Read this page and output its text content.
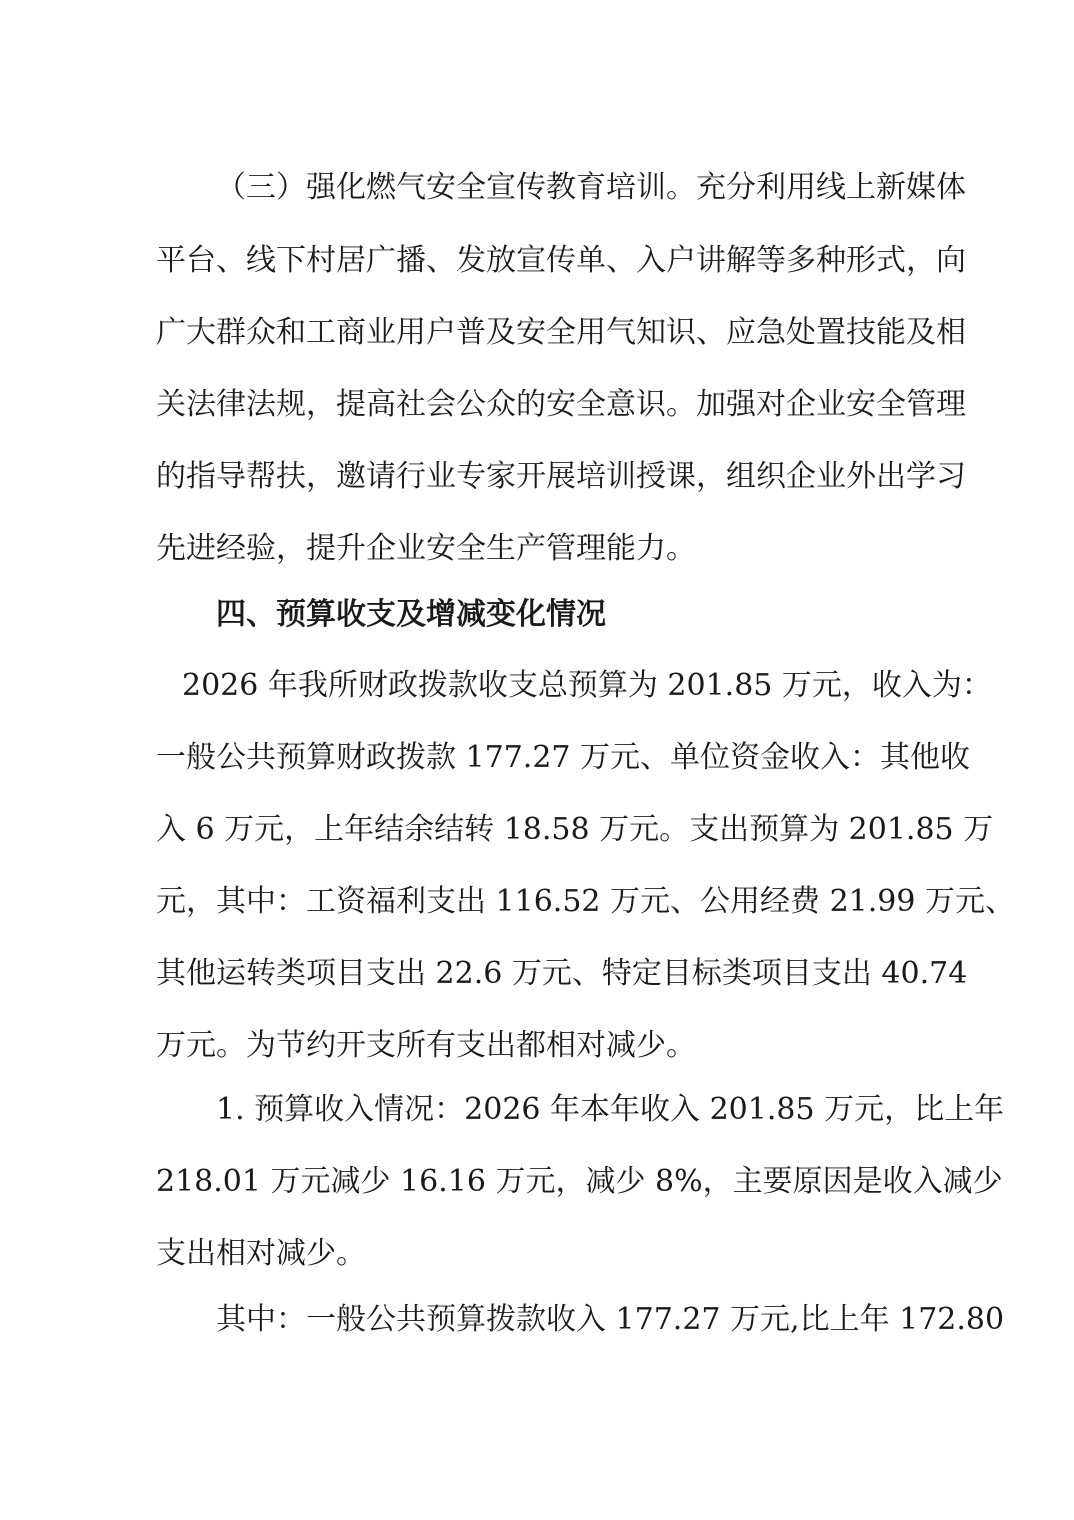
（三）强化燃气安全宣传教育培训。充分利用线上新媒体

平台、线下村居广播、发放宣传单、入户讲解等多种形式，向

广大群众和工商业用户普及安全用气知识、应急处置技能及相

关法律法规，提高社会公众的安全意识。加强对企业安全管理

的指导帮扶，邀请行业专家开展培训授课，组织企业外出学习

先进经验，提升企业安全生产管理能力。

四、预算收支及增减变化情况

2026 年我所财政拨款收支总预算为 201.85 万元，收入为：

一般公共预算财政拨款 177.27 万元、单位资金收入：其他收

入 6 万元，上年结余结转 18.58 万元。支出预算为 201.85 万

元，其中：工资福利支出 116.52 万元、公用经费 21.99 万元、

其他运转类项目支出 22.6 万元、特定目标类项目支出 40.74

万元。为节约开支所有支出都相对减少。

1. 预算收入情况：2026 年本年收入 201.85 万元，比上年

218.01 万元减少 16.16 万元，减少 8%，主要原因是收入减少

支出相对减少。

其中：一般公共预算拨款收入 177.27 万元,比上年 172.80
